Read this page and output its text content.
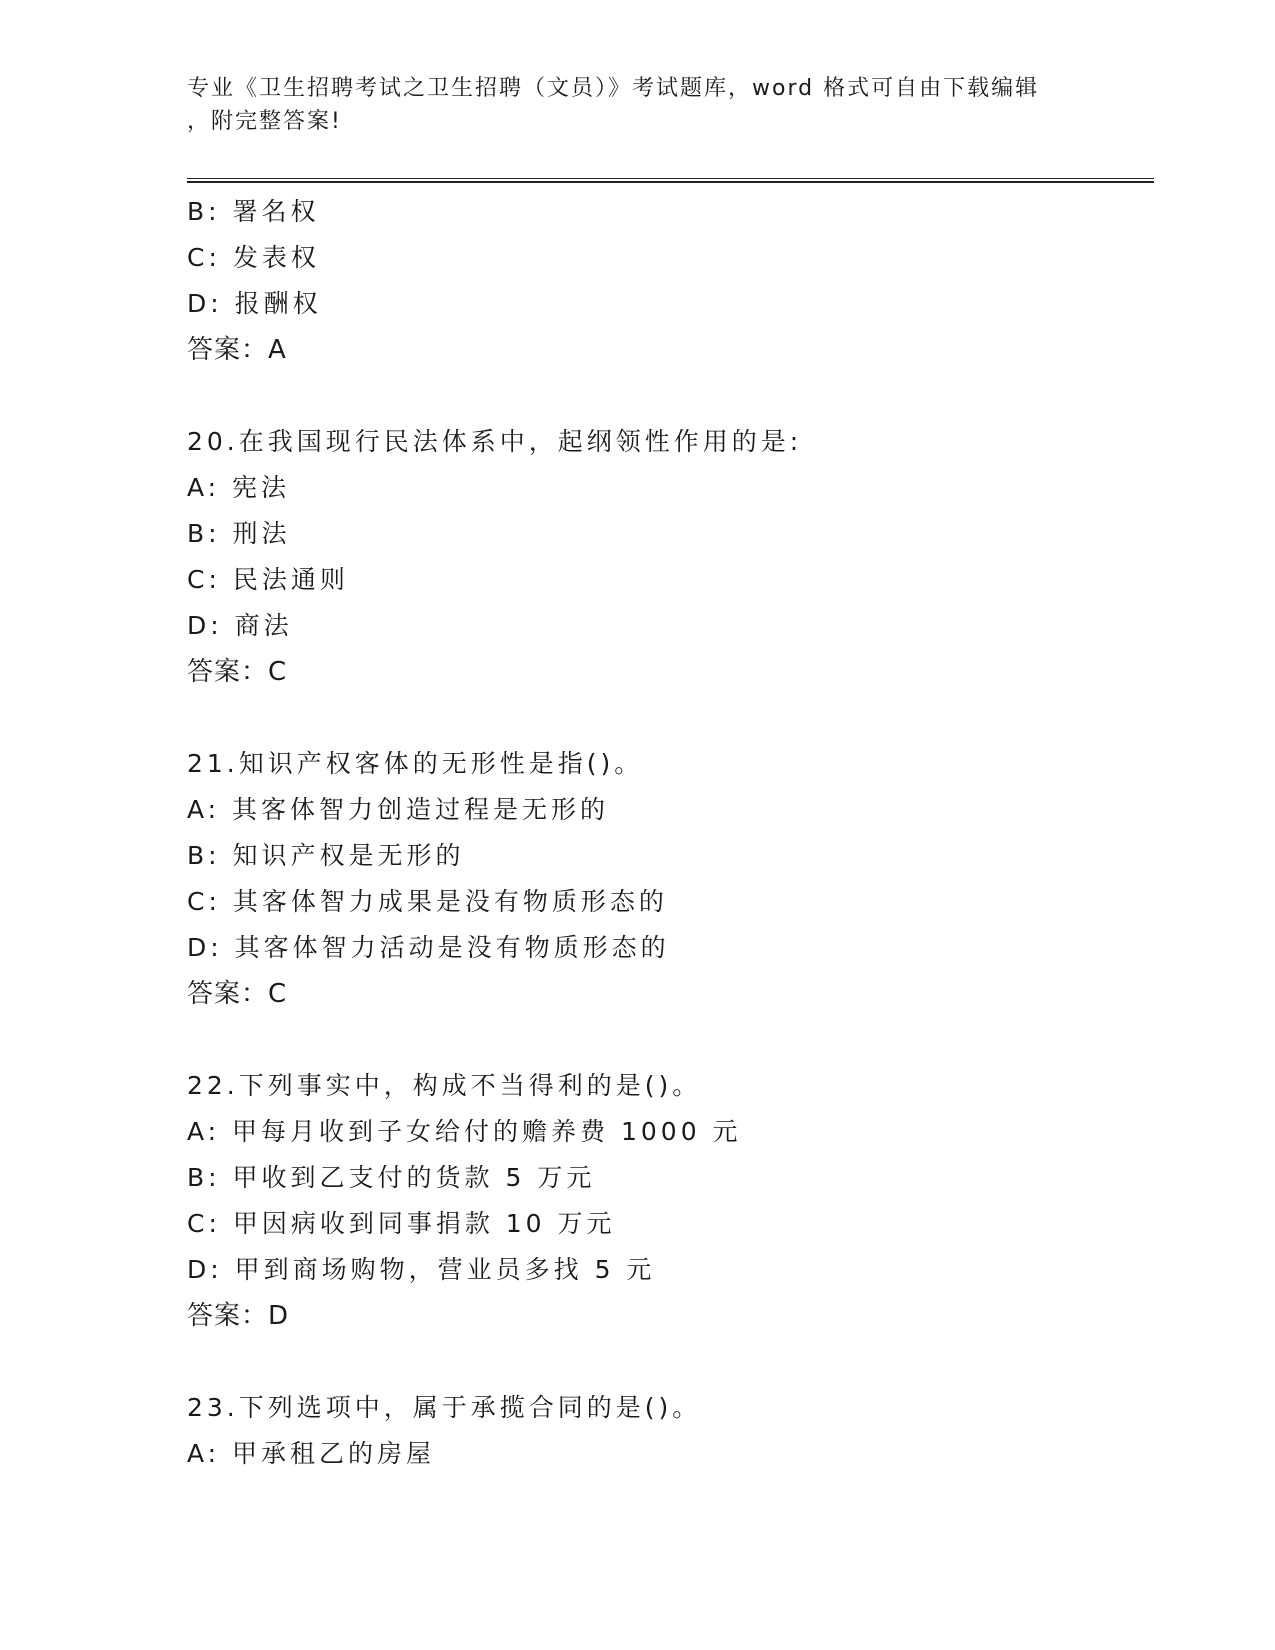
专业《卫生招聘考试之卫生招聘（文员）》考试题库，word 格式可自由下载编辑
，附完整答案!
B: 署名权
C: 发表权
D: 报酬权
答案：A
20.在我国现行民法体系中，起纲领性作用的是:
A: 宪法
B: 刑法
C: 民法通则
D: 商法
答案：C
21.知识产权客体的无形性是指()。
A: 其客体智力创造过程是无形的
B: 知识产权是无形的
C: 其客体智力成果是没有物质形态的
D: 其客体智力活动是没有物质形态的
答案：C
22.下列事实中，构成不当得利的是()。
A: 甲每月收到子女给付的赡养费 1000 元
B: 甲收到乙支付的货款 5 万元
C: 甲因病收到同事捐款 10 万元
D: 甲到商场购物，营业员多找 5 元
答案：D
23.下列选项中，属于承揽合同的是()。
A: 甲承租乙的房屋
